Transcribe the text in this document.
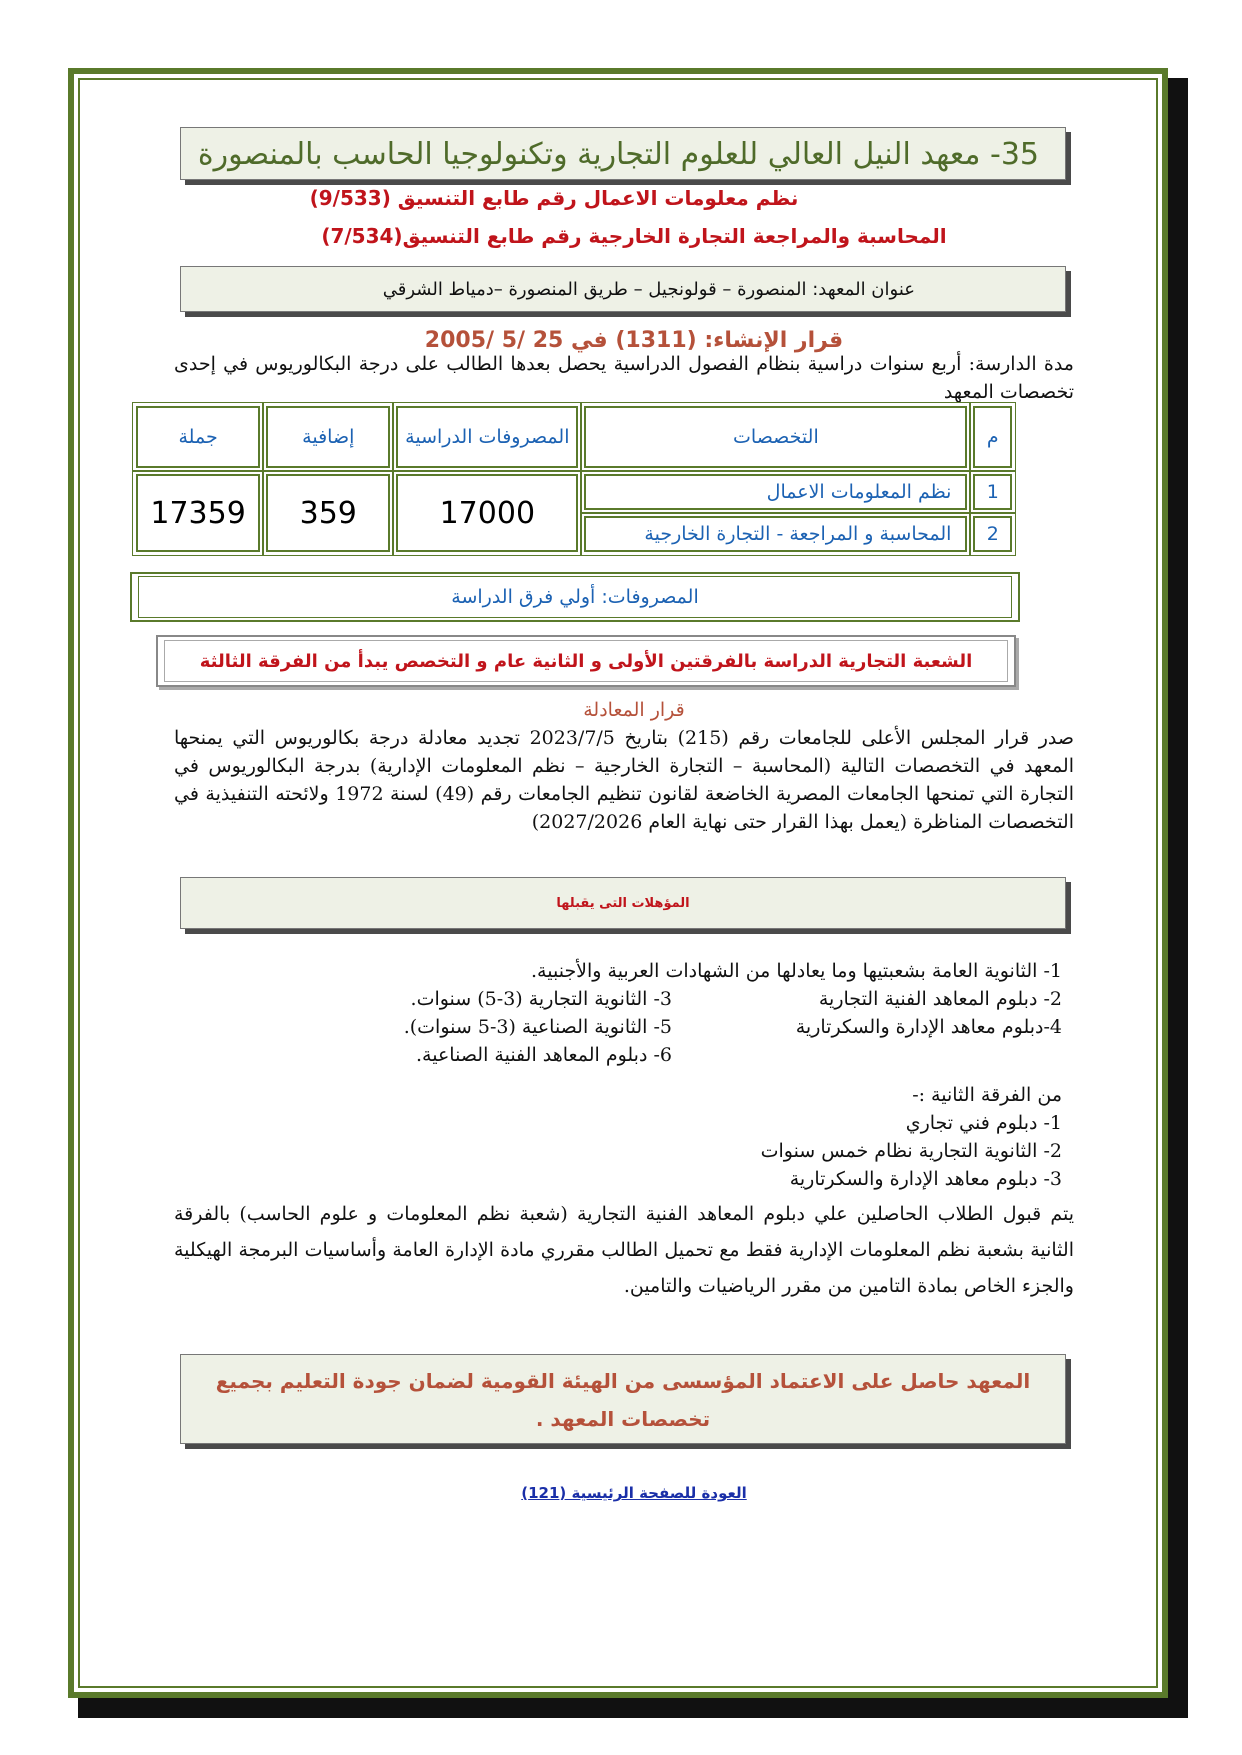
35- معهد النيل العالي للعلوم التجارية وتكنولوجيا الحاسب بالمنصورة
نظم معلومات الاعمال رقم طابع التنسيق (9/533)
المحاسبة والمراجعة التجارة الخارجية رقم طابع التنسيق(7/534)
عنوان المعهد: المنصورة – قولونجيل – طريق المنصورة –دمياط الشرقي
قرار الإنشاء: (1311) في 25 /5 /2005
مدة الدارسة: أربع سنوات دراسية بنظام الفصول الدراسية يحصل بعدها الطالب على درجة البكالوريوس في إحدى تخصصات المعهد
م	التخصصات	المصروفات الدراسية	إضافية	جملة
1	نظم المعلومات الاعمال	17000	359	17359
2	المحاسبة و المراجعة - التجارة الخارجية			
المصروفات: أولي فرق الدراسة
الشعبة التجارية الدراسة بالفرقتين الأولى و الثانية عام و التخصص يبدأ من الفرقة الثالثة
قرار المعادلة
صدر قرار المجلس الأعلى للجامعات رقم (215) بتاريخ 2023/7/5 تجديد معادلة درجة بكالوريوس التي يمنحها المعهد في التخصصات التالية (المحاسبة – التجارة الخارجية – نظم المعلومات الإدارية) بدرجة البكالوريوس في التجارة التي تمنحها الجامعات المصرية الخاضعة لقانون تنظيم الجامعات رقم (49) لسنة 1972 ولائحته التنفيذية في التخصصات المناظرة (يعمل بهذا القرار حتى نهاية العام 2027/2026)
المؤهلات التى يقبلها
1- الثانوية العامة بشعبتيها وما يعادلها من الشهادات العربية والأجنبية.
2- دبلوم المعاهد الفنية التجارية
3- الثانوية التجارية (3-5) سنوات.
4-دبلوم معاهد الإدارة والسكرتارية
5- الثانوية الصناعية (3-5 سنوات).
6- دبلوم المعاهد الفنية الصناعية.
من الفرقة الثانية :-
1- دبلوم فني تجاري
2- الثانوية التجارية نظام خمس سنوات
3- دبلوم معاهد الإدارة والسكرتارية
يتم قبول الطلاب الحاصلين علي دبلوم المعاهد الفنية التجارية (شعبة نظم المعلومات و علوم الحاسب) بالفرقة الثانية بشعبة نظم المعلومات الإدارية فقط مع تحميل الطالب مقرري مادة الإدارة العامة وأساسيات البرمجة الهيكلية والجزء الخاص بمادة التامين من مقرر الرياضيات والتامين.
المعهد حاصل على الاعتماد المؤسسى من الهيئة القومية لضمان جودة التعليم بجميع تخصصات المعهد .
العودة للصفحة الرئيسية (121)
